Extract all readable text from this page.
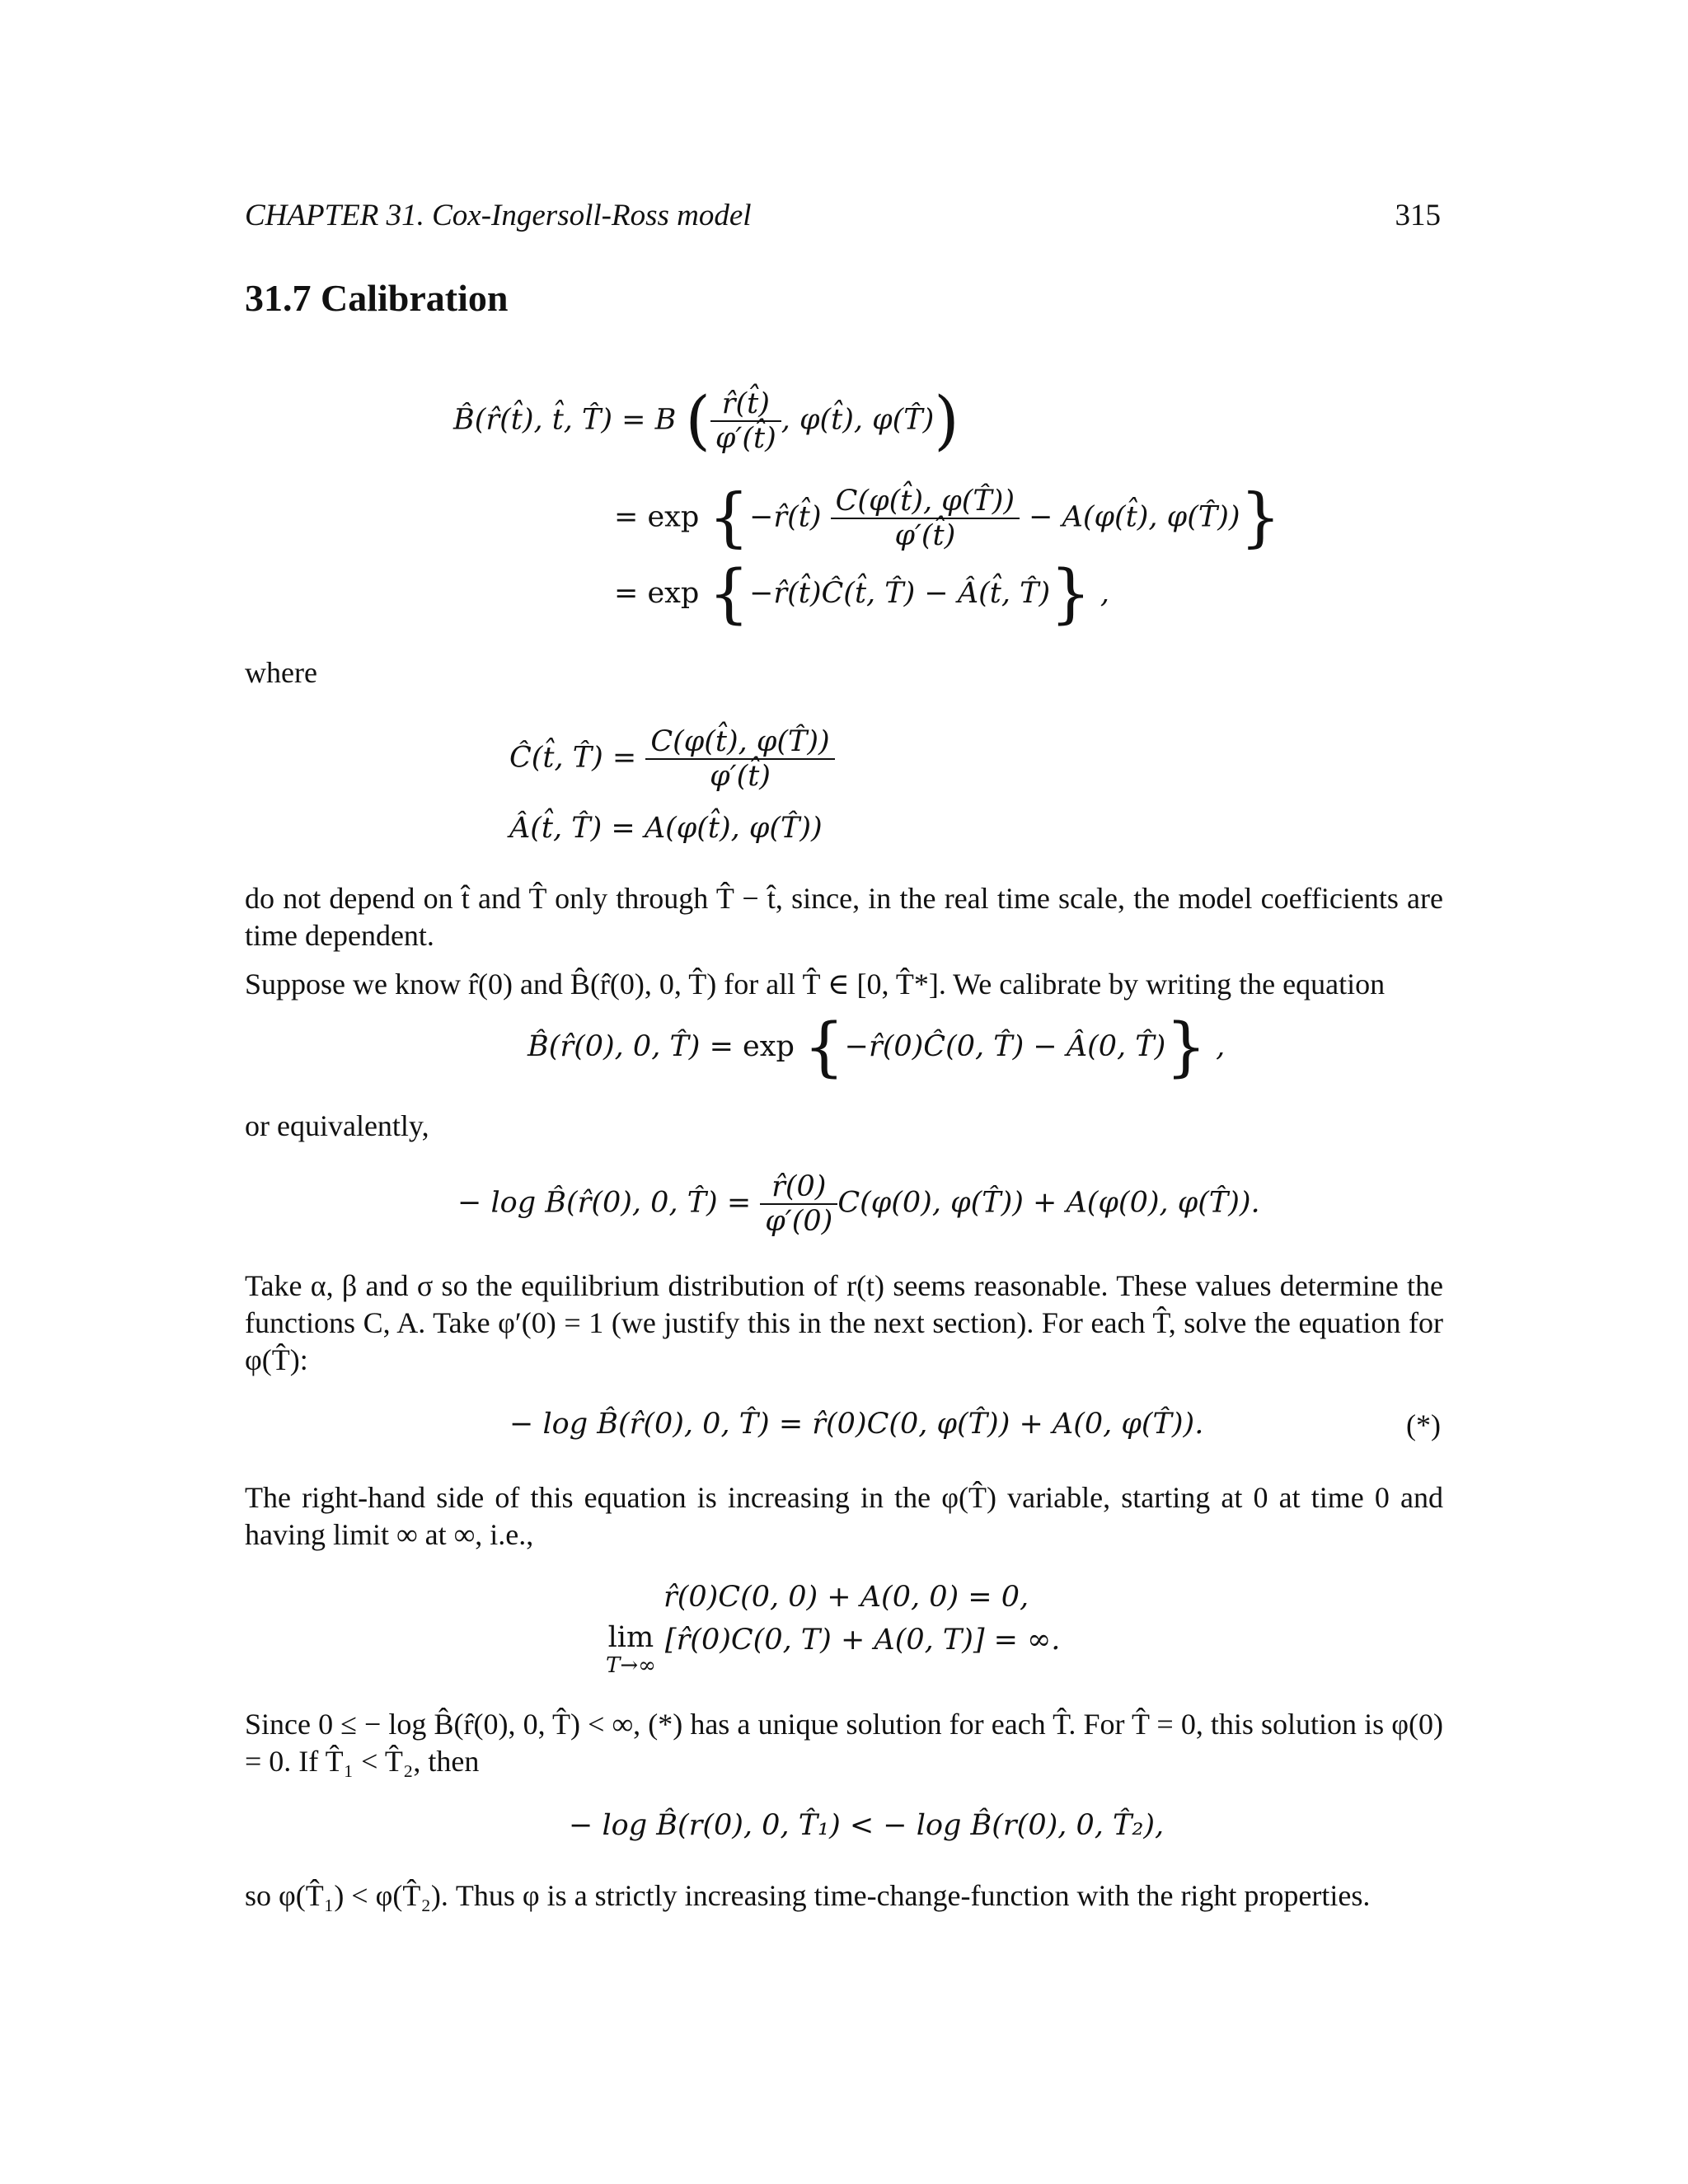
CHAPTER 31. Cox-Ingersoll-Ross model	315
31.7 Calibration
B̂(r̂(t̂), t̂, T̂) = B ( $\frac{r̂(t̂)}{\varphi'(t̂)}$ , φ(t̂), φ(T̂))
= exp {−r̂(t̂) $\frac{C(\varphi(t̂), \varphi(T̂))}{\varphi'(t̂)}$ − A(φ(t̂), φ(T̂))}
= exp {−r̂(t̂)Ĉ(t̂, T̂) − Â(t̂, T̂)} ,
where
Ĉ(t̂, T̂) = $\frac{C(\varphi(t̂), \varphi(T̂))}{\varphi'(t̂)}$
Â(t̂, T̂) = A(φ(t̂), φ(T̂))
do not depend on t̂ and T̂ only through T̂ − t̂, since, in the real time scale, the model coefficients are time dependent.
Suppose we know r̂(0) and B̂(r̂(0), 0, T̂) for all T̂ ∈ [0, T̂*]. We calibrate by writing the equation
B̂(r̂(0), 0, T̂) = exp {−r̂(0)Ĉ(0, T̂) − Â(0, T̂)} ,
or equivalently,
− log B̂(r̂(0), 0, T̂) = $\frac{r̂(0)}{\varphi'(0)} C(\varphi(0)$, φ(T̂)) + A(φ(0), φ(T̂)).
Take α, β and σ so the equilibrium distribution of r(t) seems reasonable. These values determine the functions C, A. Take φ′(0) = 1 (we justify this in the next section). For each T̂, solve the equation for φ(T̂):
− log B̂(r̂(0), 0, T̂) = r̂(0)C(0, φ(T̂)) + A(0, φ(T̂)).	(*)
The right-hand side of this equation is increasing in the φ(T̂) variable, starting at 0 at time 0 and having limit ∞ at ∞, i.e.,
r̂(0)C(0, 0) + A(0, 0) = 0,
lim
T→∞
[r̂(0)C(0, T) + A(0, T)] = ∞.
Since 0 ≤ − log B̂(r̂(0), 0, T̂) < ∞, (*) has a unique solution for each T̂. For T̂ = 0, this solution is φ(0) = 0. If T̂₁ < T̂₂, then
− log B̂(r(0), 0, T̂₁) < − log B̂(r(0), 0, T̂₂),
so φ(T̂₁) < φ(T̂₂). Thus φ is a strictly increasing time-change-function with the right properties.
